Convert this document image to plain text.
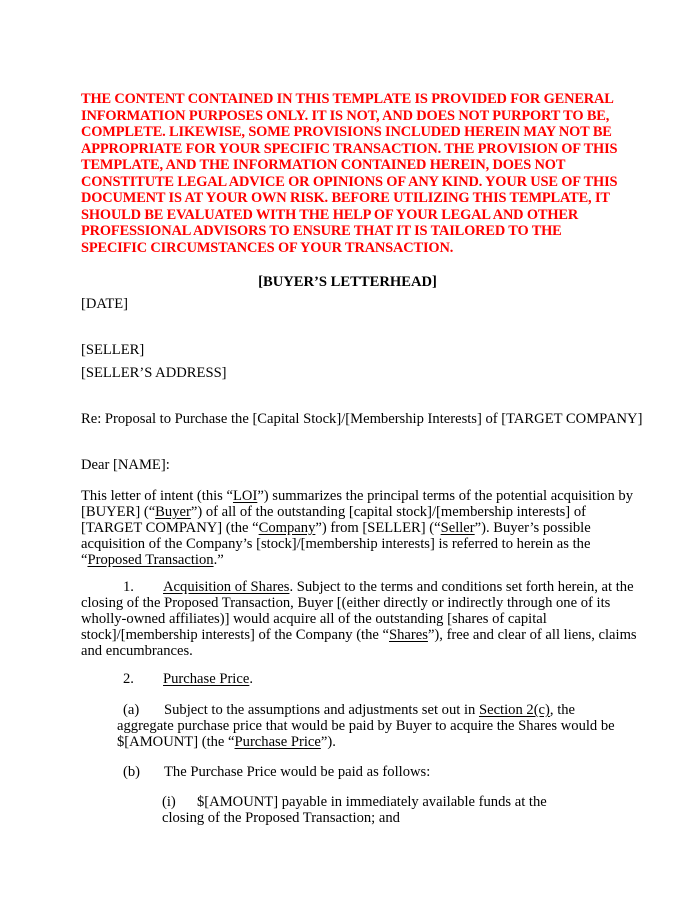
THE CONTENT CONTAINED IN THIS TEMPLATE IS PROVIDED FOR GENERAL
INFORMATION PURPOSES ONLY. IT IS NOT, AND DOES NOT PURPORT TO BE,
COMPLETE. LIKEWISE, SOME PROVISIONS INCLUDED HEREIN MAY NOT BE
APPROPRIATE FOR YOUR SPECIFIC TRANSACTION. THE PROVISION OF THIS
TEMPLATE, AND THE INFORMATION CONTAINED HEREIN, DOES NOT
CONSTITUTE LEGAL ADVICE OR OPINIONS OF ANY KIND. YOUR USE OF THIS
DOCUMENT IS AT YOUR OWN RISK. BEFORE UTILIZING THIS TEMPLATE, IT
SHOULD BE EVALUATED WITH THE HELP OF YOUR LEGAL AND OTHER
PROFESSIONAL ADVISORS TO ENSURE THAT IT IS TAILORED TO THE
SPECIFIC CIRCUMSTANCES OF YOUR TRANSACTION.
[BUYER’S LETTERHEAD]
[DATE]
[SELLER]
[SELLER’S ADDRESS]
Re: Proposal to Purchase the [Capital Stock]/[Membership Interests] of [TARGET COMPANY]
Dear [NAME]:
This letter of intent (this “LOI”) summarizes the principal terms of the potential acquisition by
[BUYER] (“Buyer”) of all of the outstanding [capital stock]/[membership interests] of
[TARGET COMPANY] (the “Company”) from [SELLER] (“Seller”). Buyer’s possible
acquisition of the Company’s [stock]/[membership interests] is referred to herein as the
“Proposed Transaction.”
1. Acquisition of Shares. Subject to the terms and conditions set forth herein, at the
closing of the Proposed Transaction, Buyer [(either directly or indirectly through one of its
wholly-owned affiliates)] would acquire all of the outstanding [shares of capital
stock]/[membership interests] of the Company (the “Shares”), free and clear of all liens, claims
and encumbrances.
2. Purchase Price.
(a) Subject to the assumptions and adjustments set out in Section 2(c), the
aggregate purchase price that would be paid by Buyer to acquire the Shares would be
$[AMOUNT] (the “Purchase Price”).
(b) The Purchase Price would be paid as follows:
(i) $[AMOUNT] payable in immediately available funds at the
closing of the Proposed Transaction; and
